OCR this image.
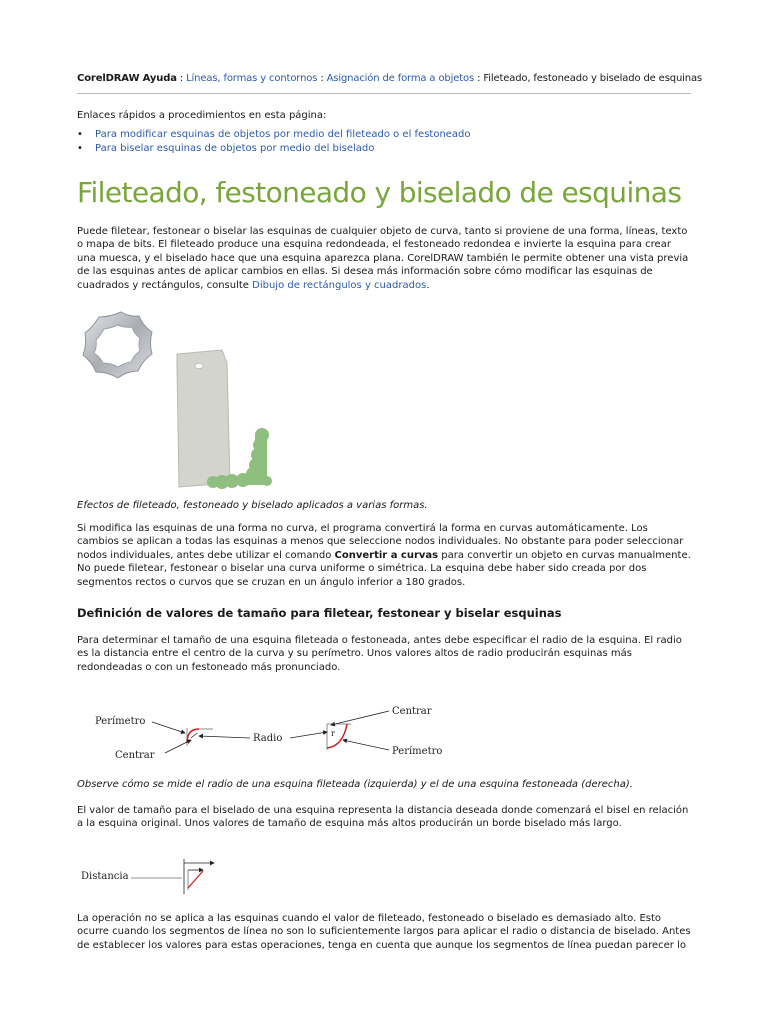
CorelDRAW Ayuda : Líneas, formas y contornos : Asignación de forma a objetos : Fileteado, festoneado y biselado de esquinas

Enlaces rápidos a procedimientos en esta página:

• Para modificar esquinas de objetos por medio del fileteado o el festoneado
• Para biselar esquinas de objetos por medio del biselado
Fileteado, festoneado y biselado de esquinas

Puede filetear, festonear o biselar las esquinas de cualquier objeto de curva, tanto si proviene de una forma, líneas, texto o mapa de bits. El fileteado produce una esquina redondeada, el festoneado redondea e invierte la esquina para crear una muesca, y el biselado hace que una esquina aparezca plana. CorelDRAW también le permite obtener una vista previa de las esquinas antes de aplicar cambios en ellas. Si desea más información sobre cómo modificar las esquinas de cuadrados y rectángulos, consulte Dibujo de rectángulos y cuadrados.

Efectos de fileteado, festoneado y biselado aplicados a varias formas.

Si modifica las esquinas de una forma no curva, el programa convertirá la forma en curvas automáticamente. Los cambios se aplican a todas las esquinas a menos que seleccione nodos individuales. No obstante para poder seleccionar nodos individuales, antes debe utilizar el comando Convertir a curvas para convertir un objeto en curvas manualmente. No puede filetear, festonear o biselar una curva uniforme o simétrica. La esquina debe haber sido creada por dos segmentos rectos o curvos que se cruzan en un ángulo inferior a 180 grados.

Definición de valores de tamaño para filetear, festonear y biselar esquinas

Para determinar el tamaño de una esquina fileteada o festoneada, antes debe especificar el radio de la esquina. El radio es la distancia entre el centro de la curva y su perímetro. Unos valores altos de radio producirán esquinas más redondeadas o con un festoneado más pronunciado.

Perímetro
Centrar
Radio
Centrar
Perímetro
r

Observe cómo se mide el radio de una esquina fileteada (izquierda) y el de una esquina festoneada (derecha).

El valor de tamaño para el biselado de una esquina representa la distancia deseada donde comenzará el bisel en relación a la esquina original. Unos valores de tamaño de esquina más altos producirán un borde biselado más largo.

Distancia

La operación no se aplica a las esquinas cuando el valor de fileteado, festoneado o biselado es demasiado alto. Esto ocurre cuando los segmentos de línea no son lo suficientemente largos para aplicar el radio o distancia de biselado. Antes de establecer los valores para estas operaciones, tenga en cuenta que aunque los segmentos de línea puedan parecer lo
